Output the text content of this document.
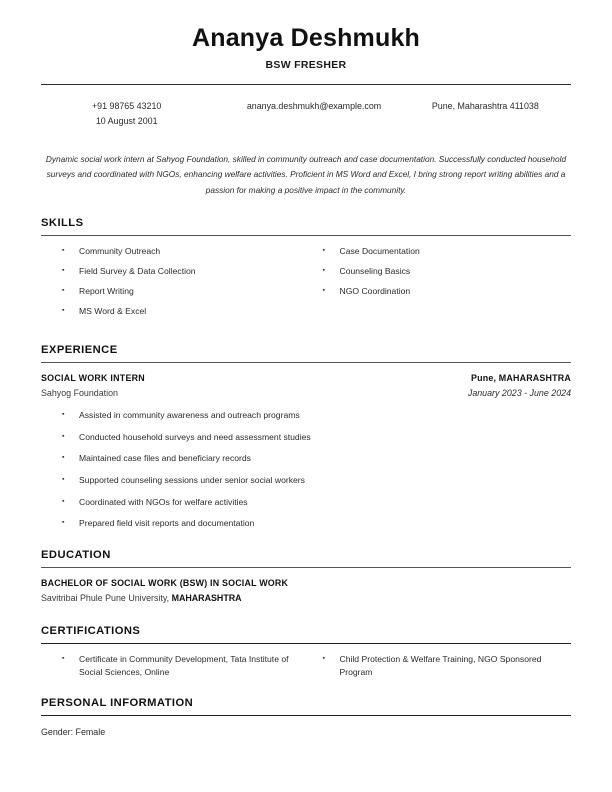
Ananya Deshmukh
BSW FRESHER
+91 98765 43210
10 August 2001
ananya.deshmukh@example.com	Pune, Maharashtra 411038
Dynamic social work intern at Sahyog Foundation, skilled in community outreach and case documentation. Successfully conducted household surveys and coordinated with NGOs, enhancing welfare activities. Proficient in MS Word and Excel, I bring strong report writing abilities and a passion for making a positive impact in the community.
SKILLS
▪	Community Outreach
▪	Field Survey & Data Collection
▪	Report Writing
▪	MS Word & Excel
▪	Case Documentation
▪	Counseling Basics
▪	NGO Coordination
EXPERIENCE
SOCIAL WORK INTERN
Sahyog Foundation
Pune, MAHARASHTRA
January 2023 - June 2024
▪	Assisted in community awareness and outreach programs
▪	Conducted household surveys and need assessment studies
▪	Maintained case files and beneficiary records
▪	Supported counseling sessions under senior social workers
▪	Coordinated with NGOs for welfare activities
▪	Prepared field visit reports and documentation
EDUCATION
BACHELOR OF SOCIAL WORK (BSW) IN SOCIAL WORK
Savitribai Phule Pune University, MAHARASHTRA
CERTIFICATIONS
▪	Certificate in Community Development, Tata Institute of Social Sciences, Online
▪	Child Protection & Welfare Training, NGO Sponsored Program
PERSONAL INFORMATION
Gender: Female
